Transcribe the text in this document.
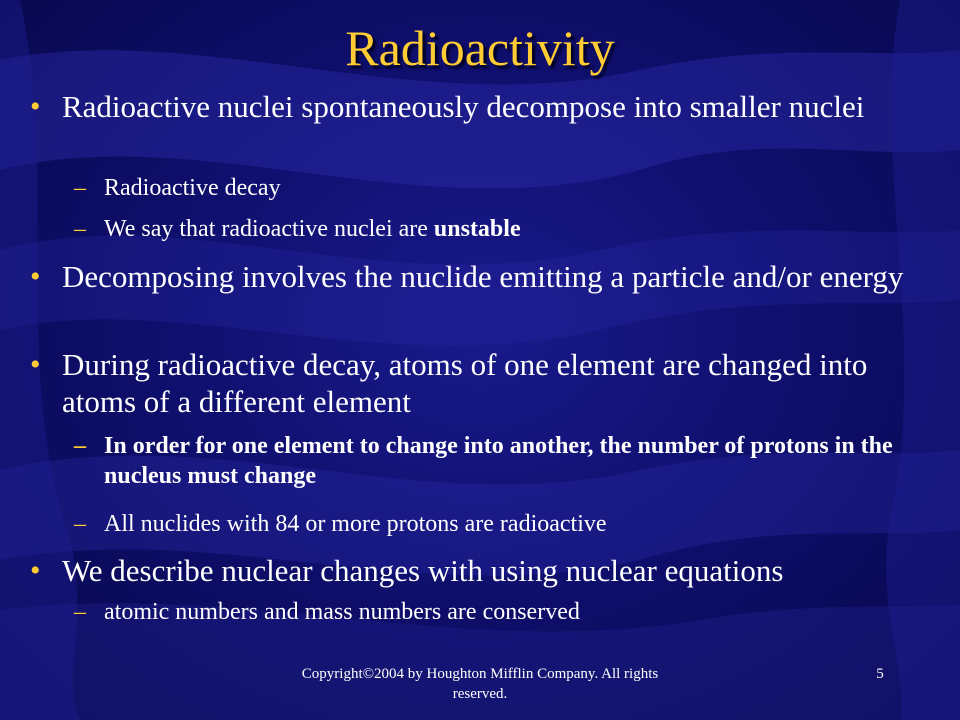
Radioactivity
• Radioactive nuclei spontaneously decompose into smaller nuclei
– Radioactive decay
– We say that radioactive nuclei are unstable
• Decomposing involves the nuclide emitting a particle and/or energy
• During radioactive decay, atoms of one element are changed into atoms of a different element
– In order for one element to change into another, the number of protons in the nucleus must change
– All nuclides with 84 or more protons are radioactive
• We describe nuclear changes with using nuclear equations
– atomic numbers and mass numbers are conserved
Copyright©2004 by Houghton Mifflin Company. All rights reserved.
5
